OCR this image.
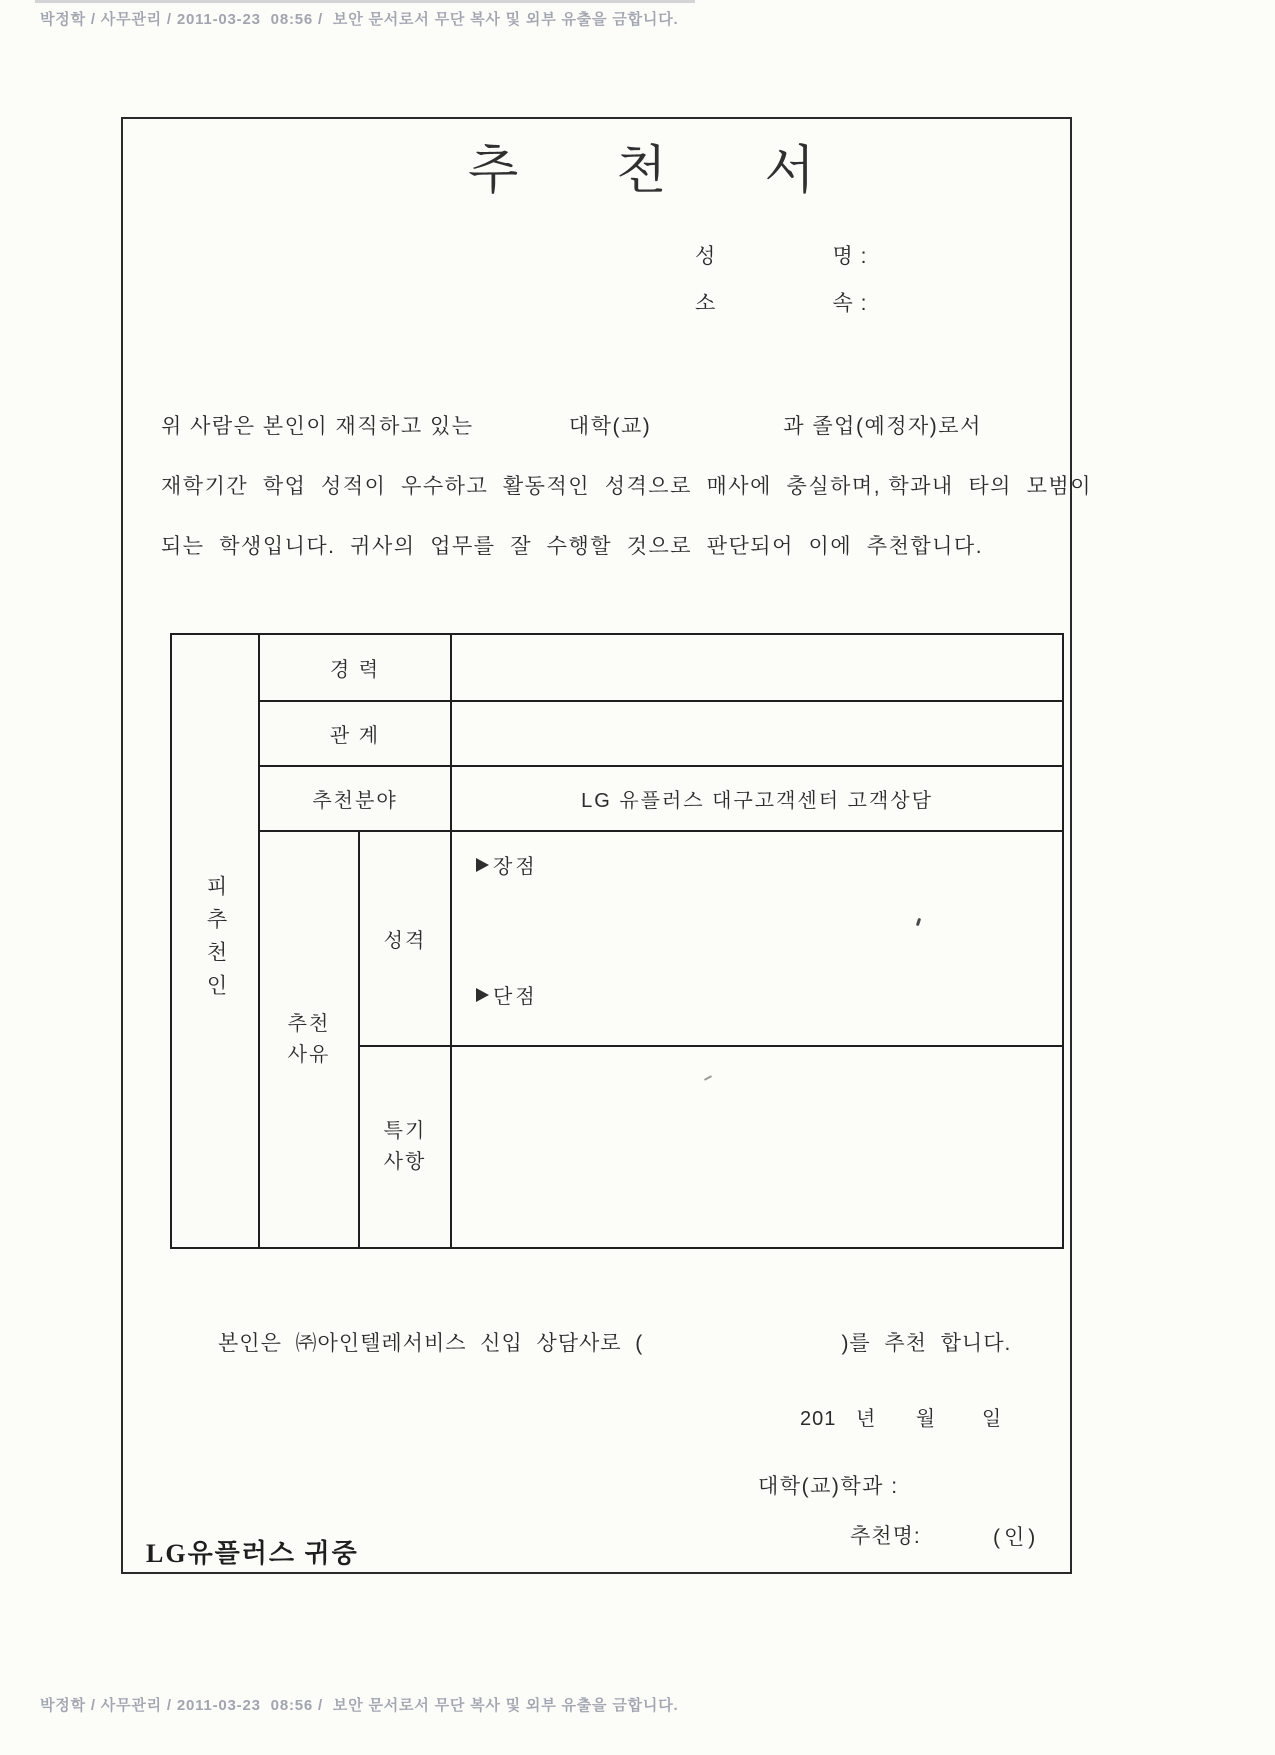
박정학 / 사무관리 / 2011-03-23  08:56 /  보안 문서로서 무단 복사 및 외부 유출을 금합니다.
추천서
성                 명 :
소                 속 :
위 사람은 본인이 재직하고 있는             대학(교)                  과 졸업(예정자)로서
재학기간  학업  성적이  우수하고  활동적인  성격으로  매사에  충실하며, 학과내  타의  모범이
되는  학생입니다.  귀사의  업무를  잘  수행할  것으로  판단되어  이에  추천합니다.
피추천인
경 력
관 계
추천분야	LG 유플러스 대구고객센터 고객상담
추천 사유
성격
장점
단점
특기 사항
본인은  ㈜아인텔레서비스  신입  상담사로  (                             )를  추천  합니다.
201   년      월       일
대학(교)학과 :
추천명:	(인)
LG유플러스 귀중
박정학 / 사무관리 / 2011-03-23  08:56 /  보안 문서로서 무단 복사 및 외부 유출을 금합니다.
